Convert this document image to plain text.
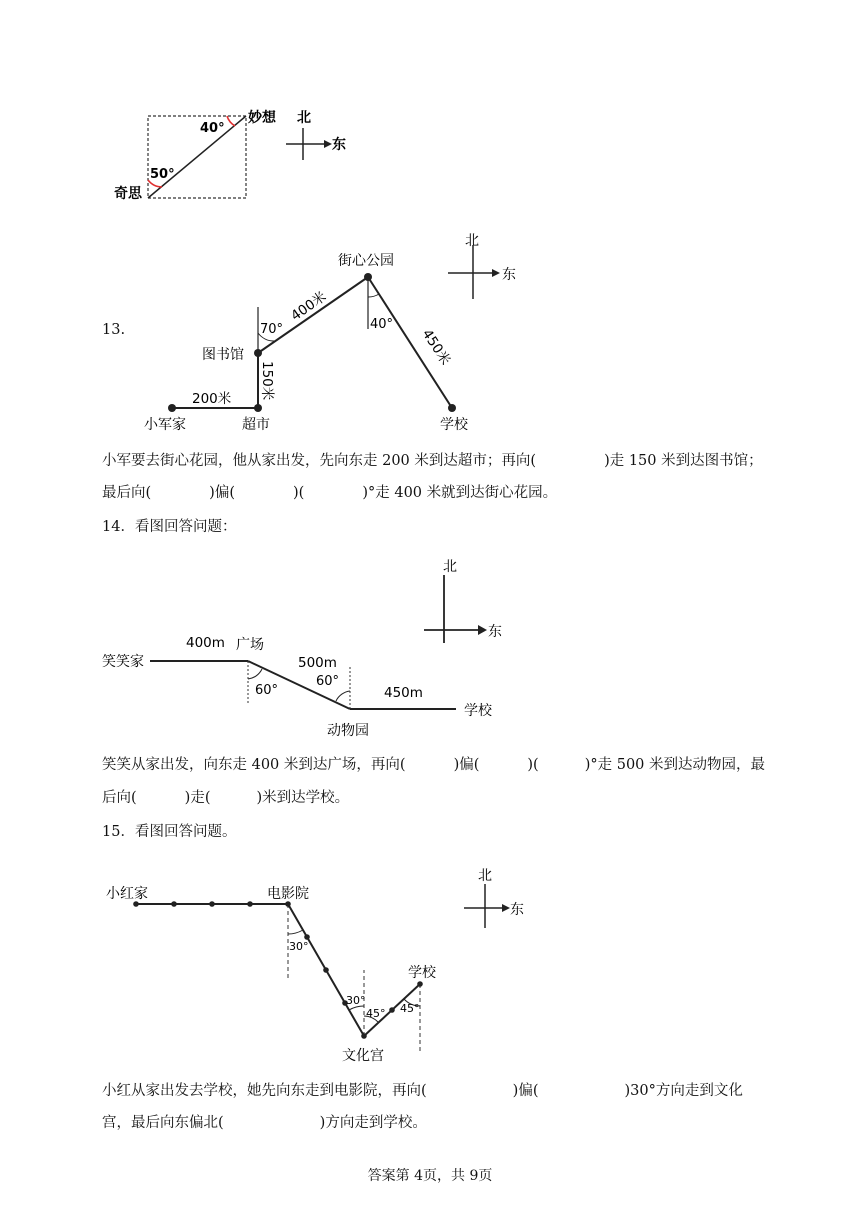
50°
40°
奇思
妙想 北
东
13.
小军家	超市
图书馆
街心公园
学校
200米 150米
400米
450米
70°	40°
北
东
小军要去街心花园，他从家出发，先向东走 200 米到达超市；再向(	)走 150 米到达图书馆；
最后向(	)偏(	)(	)°走 400 米就到达街心花园。
14．看图回答问题：
笑笑家
广场
动物园
学校
400m
500m
450m
60°
60°
北
东
笑笑从家出发，向东走 400 米到达广场，再向(	)偏(	)(	)°走 500 米到达动物园，最
后向(	)走(	)米到达学校。
15．看图回答问题。
小红家	电影院
文化宫
学校
30°
30°
45° 45°
北
东
小红从家出发去学校，她先向东走到电影院，再向(	)偏(	)30°方向走到文化
宫，最后向东偏北(	)方向走到学校。
答案第 4页，共 9页
